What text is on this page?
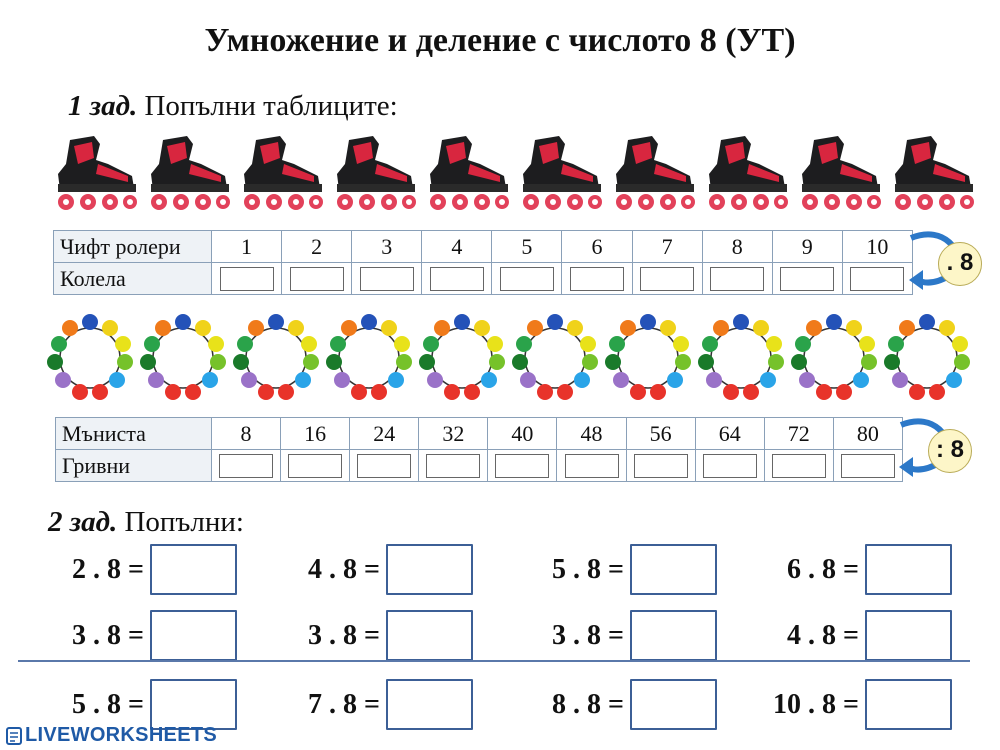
Умножение и деление с числото 8 (УТ)
1 зад. Попълни таблиците:
Чифт ролери	1	2	3	4	5	6	7	8	9	10
Колела	

. 8
Мъниста	8	16	24	32	40	48	56	64	72	80
Гривни	

: 8
2 зад. Попълни:
2 . 8 =	4 . 8 =	5 . 8 =	6 . 8 =
3 . 8 =	3 . 8 =	3 . 8 =	4 . 8 =
5 . 8 =	7 . 8 =	8 . 8 =	10 . 8 =
LIVEWORKSHEETS
